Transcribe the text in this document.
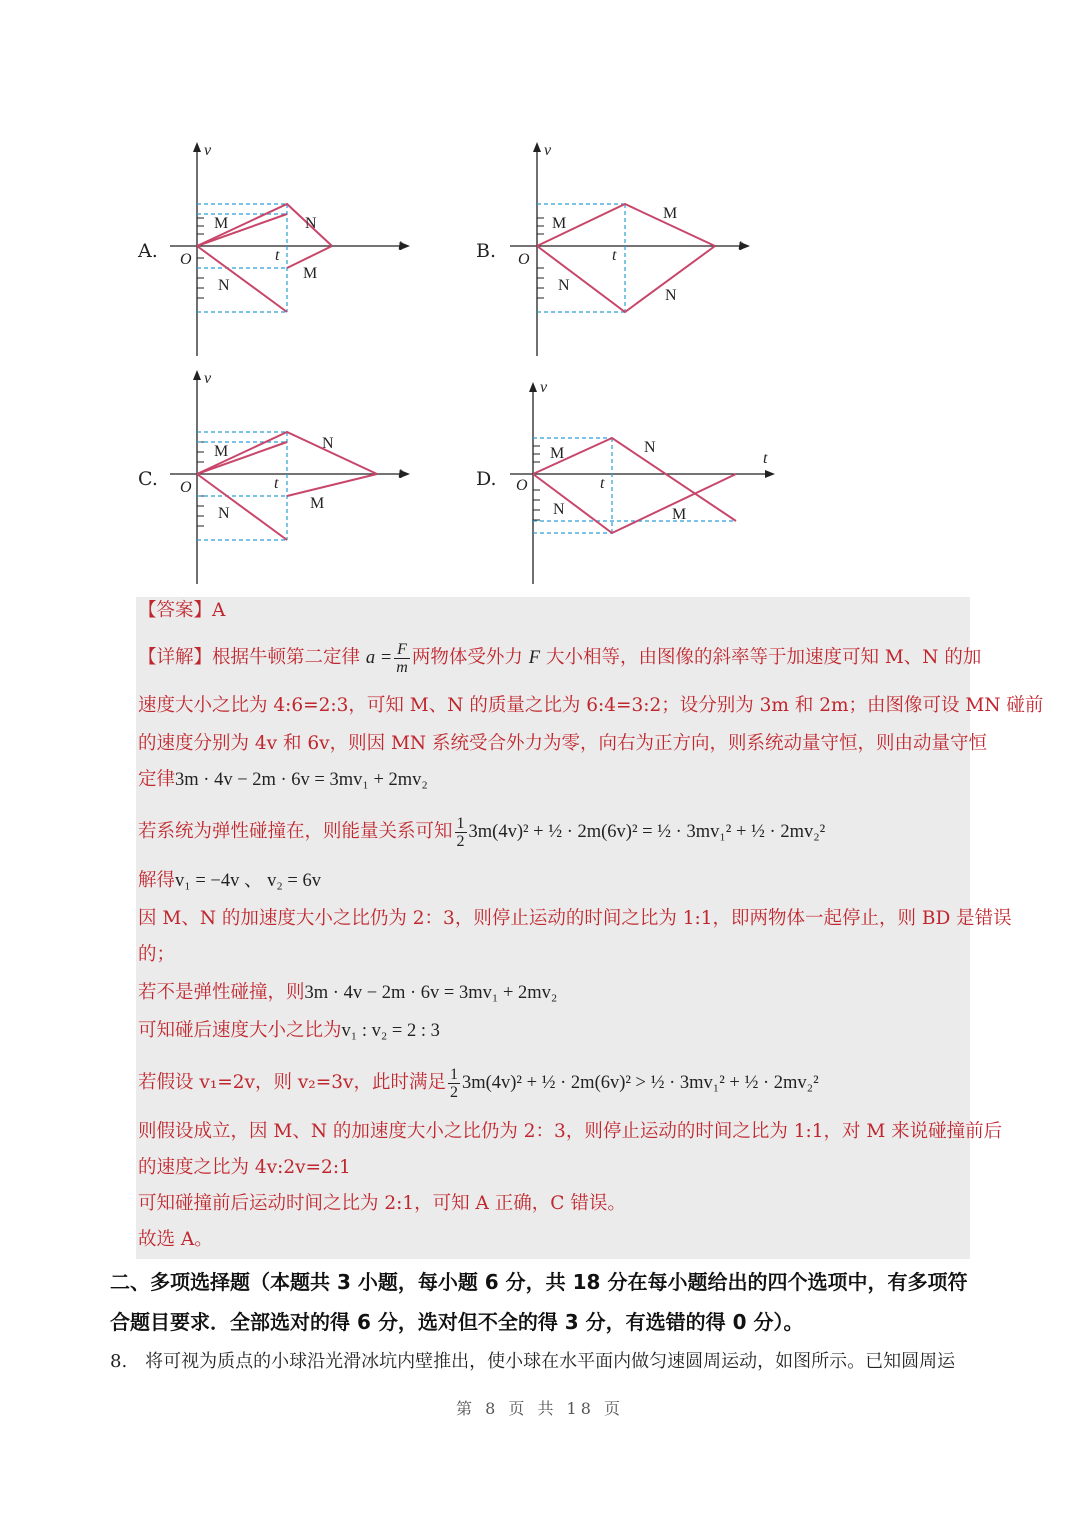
A.	B.
C.	D.
v
t
O	t
M	N
M
N
v
t
O	t
M
M
N
N
v
t
O	t
M	N
M
N
v
t
O	t
M	N
N	M
【答案】A
【详解】根据牛顿第二定律 $a = \frac{F}{m}$ 两物体受外力 F 大小相等，由图像的斜率等于加速度可知 M、N 的加
速度大小之比为 4:6=2:3，可知 M、N 的质量之比为 6:4=3:2；设分别为 3m 和 2m；由图像可设 MN 碰前
的速度分别为 4v 和 6v，则因 MN 系统受合外力为零，向右为正方向，则系统动量守恒，则由动量守恒
定律3m · 4v − 2m · 6v = 3mv₁ + 2mv₂
若系统为弹性碰撞在，则能量关系可知 $\frac{1}{2} 3m(4v)^2$ + ½ · 2m(6v)² = ½ · 3mv₁² + ½ · 2mv₂²
解得v₁ = −4v 、 v₂ = 6v
因 M、N 的加速度大小之比仍为 2：3，则停止运动的时间之比为 1:1，即两物体一起停止，则 BD 是错误
的；
若不是弹性碰撞，则3m · 4v − 2m · 6v = 3mv₁ + 2mv₂
可知碰后速度大小之比为v₁ : v₂ = 2 : 3
若假设 v₁=2v，则 v₂=3v，此时满足 $\frac{1}{2} 3m(4v)^2$ + ½ · 2m(6v)² > ½ · 3mv₁² + ½ · 2mv₂²
则假设成立，因 M、N 的加速度大小之比仍为 2：3，则停止运动的时间之比为 1:1，对 M 来说碰撞前后
的速度之比为 4v:2v=2:1
可知碰撞前后运动时间之比为 2:1，可知 A 正确，C 错误。
故选 A。
二、多项选择题（本题共 3 小题，每小题 6 分，共 18 分在每小题给出的四个选项中，有多项符
合题目要求．全部选对的得 6 分，选对但不全的得 3 分，有选错的得 0 分）。
8.　将可视为质点的小球沿光滑冰坑内壁推出，使小球在水平面内做匀速圆周运动，如图所示。已知圆周运
第 8 页 共 18 页
